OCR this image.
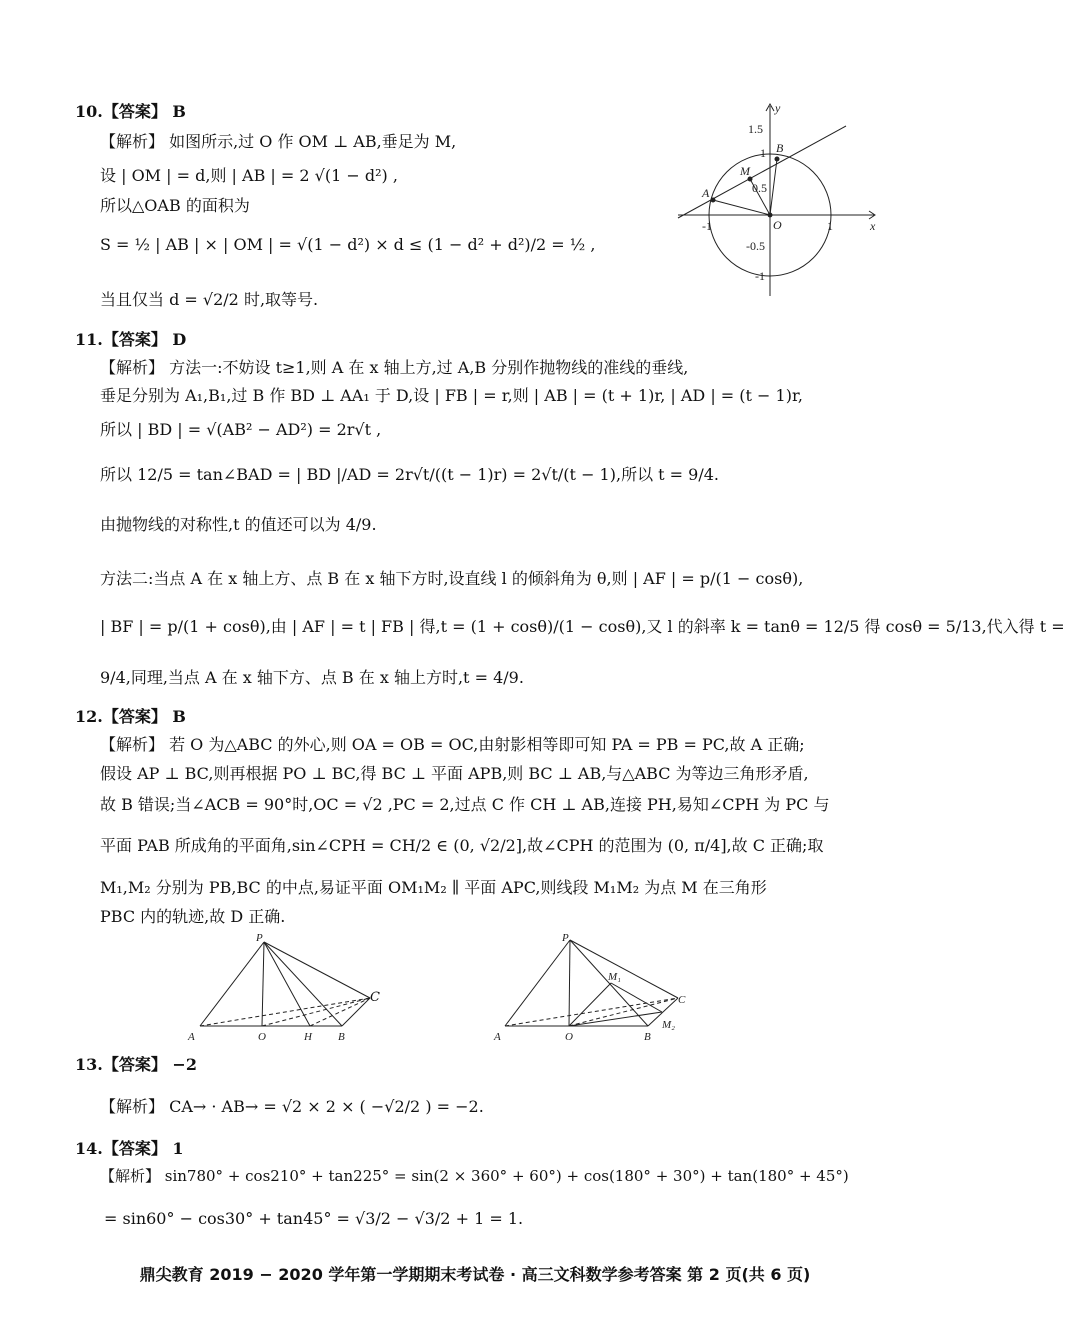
10.【答案】 B
【解析】 如图所示,过 O 作 OM ⊥ AB,垂足为 M,
设 | OM | = d,则 | AB | = 2 √(1 − d²) ,
所以△OAB 的面积为
S = ½ | AB | × | OM | = √(1 − d²) × d ≤ (1 − d² + d²)/2 = ½ ,
当且仅当 d = √2/2 时,取等号.
x
y
1.5
1
0.5
-0.5
-1
-1	1
A
B
M
O
11.【答案】 D
【解析】 方法一:不妨设 t≥1,则 A 在 x 轴上方,过 A,B 分别作抛物线的准线的垂线,
垂足分别为 A₁,B₁,过 B 作 BD ⊥ AA₁ 于 D,设 | FB | = r,则 | AB | = (t + 1)r, | AD | = (t − 1)r,
所以 | BD | = √(AB² − AD²) = 2r√t ,
所以 12/5 = tan∠BAD = | BD |/AD = 2r√t/((t − 1)r) = 2√t/(t − 1),所以 t = 9/4.
由抛物线的对称性,t 的值还可以为 4/9.
方法二:当点 A 在 x 轴上方、点 B 在 x 轴下方时,设直线 l 的倾斜角为 θ,则 | AF | = p/(1 − cosθ),
| BF | = p/(1 + cosθ),由 | AF | = t | FB | 得,t = (1 + cosθ)/(1 − cosθ),又 l 的斜率 k = tanθ = 12/5 得 cosθ = 5/13,代入得 t =
9/4,同理,当点 A 在 x 轴下方、点 B 在 x 轴上方时,t = 4/9.
12.【答案】 B
【解析】 若 O 为△ABC 的外心,则 OA = OB = OC,由射影相等即可知 PA = PB = PC,故 A 正确;
假设 AP ⊥ BC,则再根据 PO ⊥ BC,得 BC ⊥ 平面 APB,则 BC ⊥ AB,与△ABC 为等边三角形矛盾,
故 B 错误;当∠ACB = 90°时,OC = √2 ,PC = 2,过点 C 作 CH ⊥ AB,连接 PH,易知∠CPH 为 PC 与
平面 PAB 所成角的平面角,sin∠CPH = CH/2 ∈ (0, √2/2],故∠CPH 的范围为 (0, π/4],故 C 正确;取
M₁,M₂ 分别为 PB,BC 的中点,易证平面 OM₁M₂ ∥ 平面 APC,则线段 M₁M₂ 为点 M 在三角形
PBC 内的轨迹,故 D 正确.
P
A	O	H B
C
P
A	O	B
C
M₁
M₂
13.【答案】 −2
【解析】 CA→ · AB→ = √2 × 2 × ( −√2/2 ) = −2.
14.【答案】 1
【解析】 sin780° + cos210° + tan225° = sin(2 × 360° + 60°) + cos(180° + 30°) + tan(180° + 45°)
= sin60° − cos30° + tan45° = √3/2 − √3/2 + 1 = 1.
鼎尖教育 2019 − 2020 学年第一学期期末考试卷 · 高三文科数学参考答案 第 2 页(共 6 页)
